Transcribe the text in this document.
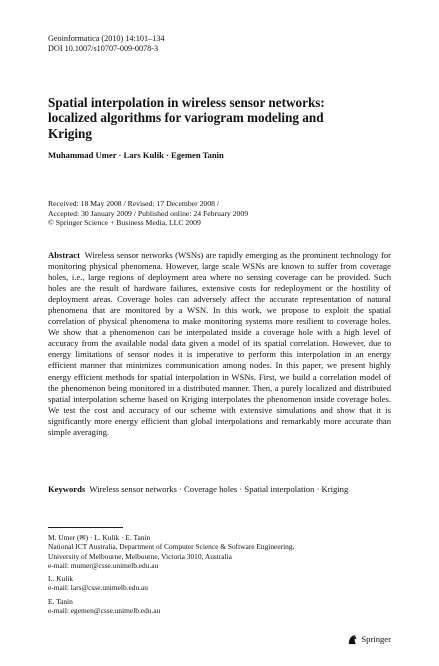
Geoinformatica (2010) 14:101–134
DOI 10.1007/s10707-009-0078-3
Spatial interpolation in wireless sensor networks: localized algorithms for variogram modeling and Kriging
Muhammad Umer · Lars Kulik · Egemen Tanin
Received: 18 May 2008 / Revised: 17 December 2008 /
Accepted: 30 January 2009 / Published online: 24 February 2009
© Springer Science + Business Media, LLC 2009
Abstract Wireless sensor networks (WSNs) are rapidly emerging as the prominent technology for monitoring physical phenomena. However, large scale WSNs are known to suffer from coverage holes, i.e., large regions of deployment area where no sensing coverage can be provided. Such holes are the result of hardware failures, extensive costs for redeployment or the hostility of deployment areas. Coverage holes can adversely affect the accurate representation of natural phenomena that are monitored by a WSN. In this work, we propose to exploit the spatial correlation of physical phenomena to make monitoring systems more resilient to coverage holes. We show that a phenomenon can be interpolated inside a coverage hole with a high level of accuracy from the available nodal data given a model of its spatial correlation. However, due to energy limitations of sensor nodes it is imperative to perform this interpolation in an energy efficient manner that minimizes communication among nodes. In this paper, we present highly energy efficient methods for spatial interpolation in WSNs. First, we build a correlation model of the phenomenon being monitored in a distributed manner. Then, a purely localized and distributed spatial interpolation scheme based on Kriging interpolates the phenomenon inside coverage holes. We test the cost and accuracy of our scheme with extensive simulations and show that it is significantly more energy efficient than global interpolations and remarkably more accurate than simple averaging.
Keywords Wireless sensor networks · Coverage holes · Spatial interpolation · Kriging
M. Umer (✉) · L. Kulik · E. Tanin
National ICT Australia, Department of Computer Science & Software Engineering,
University of Melbourne, Melbourne, Victoria 3010, Australia
e-mail: mumer@csse.unimelb.edu.au
L. Kulik
e-mail: lars@csse.unimelb.edu.au
E. Tanin
e-mail: egemen@csse.unimelb.edu.au
Springer
